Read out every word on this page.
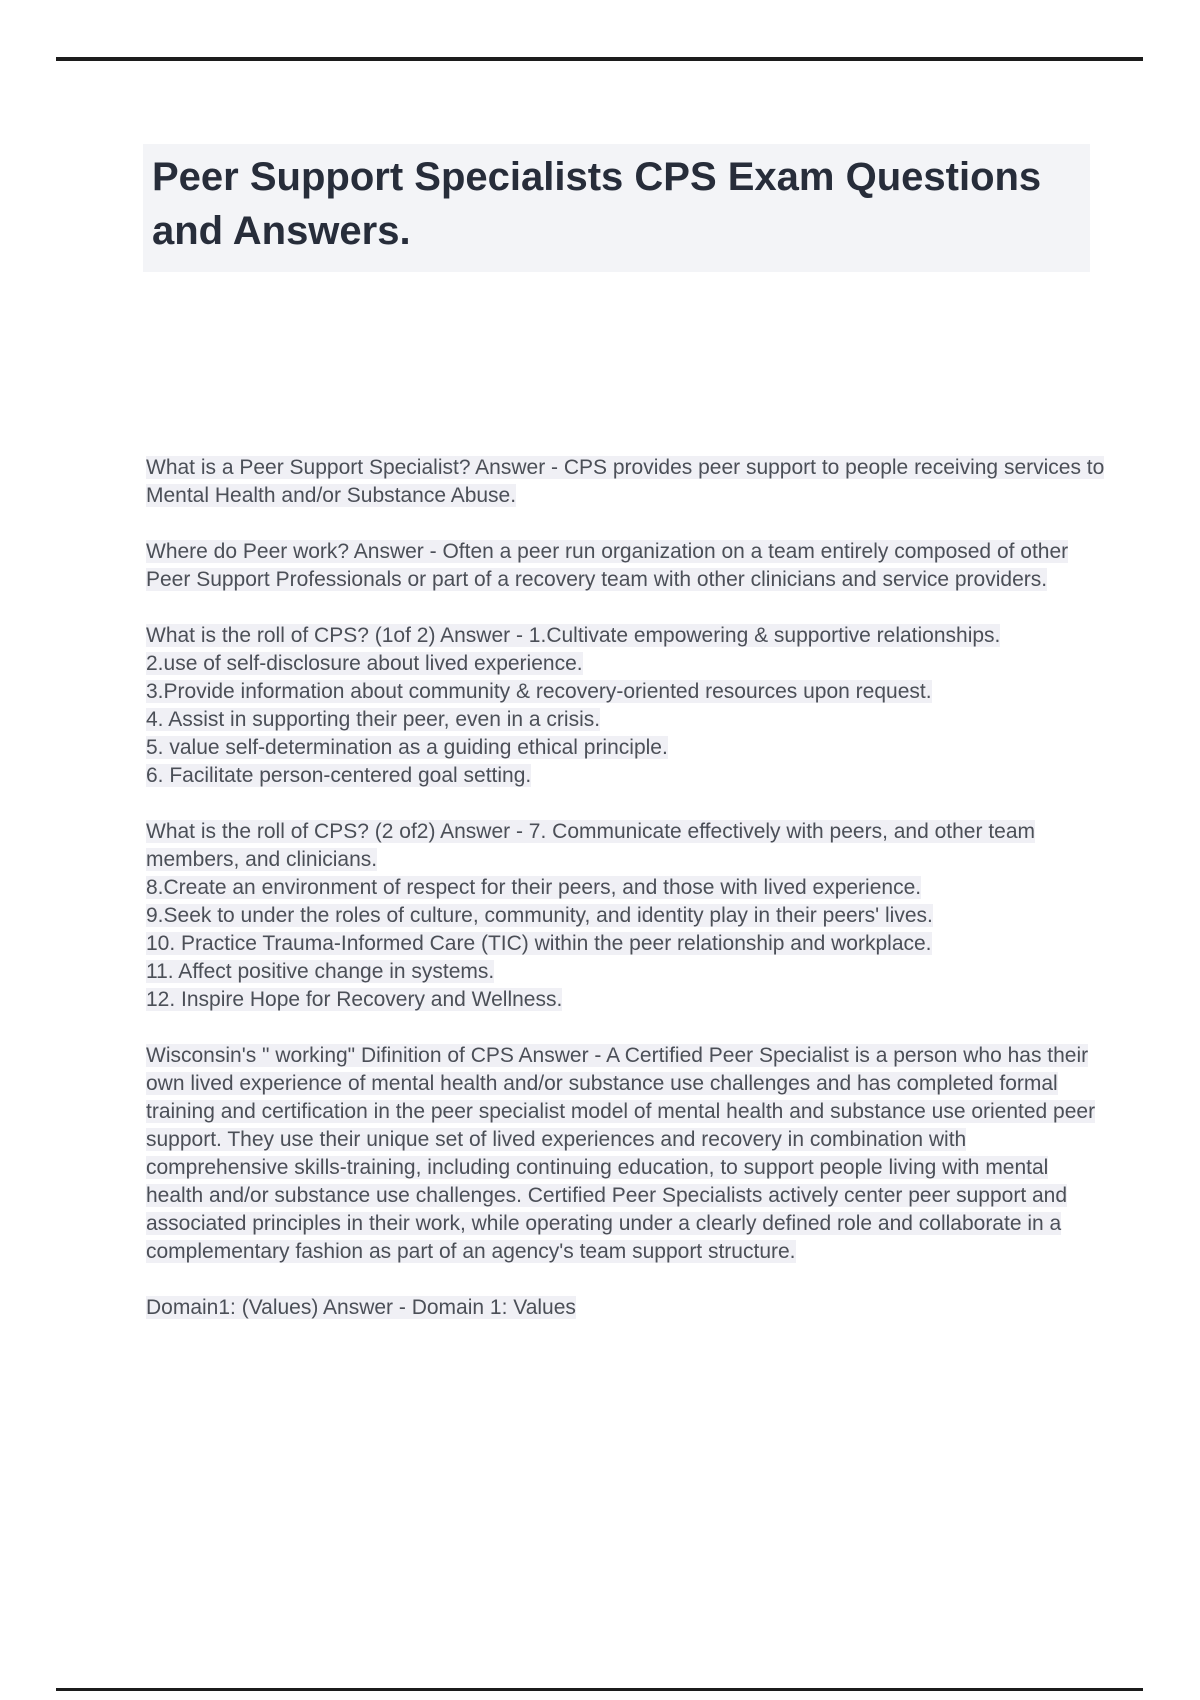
Peer Support Specialists CPS Exam Questions and Answers.

What is a Peer Support Specialist? Answer - CPS provides peer support to people receiving services to Mental Health and/or Substance Abuse.

Where do Peer work? Answer - Often a peer run organization on a team entirely composed of other Peer Support Professionals or part of a recovery team with other clinicians and service providers.

What is the roll of CPS? (1of 2) Answer - 1.Cultivate empowering & supportive relationships.
2.use of self-disclosure about lived experience.
3.Provide information about community & recovery-oriented resources upon request.
4. Assist in supporting their peer, even in a crisis.
5. value self-determination as a guiding ethical principle.
6. Facilitate person-centered goal setting.

What is the roll of CPS? (2 of2) Answer - 7. Communicate effectively with peers, and other team members, and clinicians.
8.Create an environment of respect for their peers, and those with lived experience.
9.Seek to under the roles of culture, community, and identity play in their peers' lives.
10. Practice Trauma-Informed Care (TIC) within the peer relationship and workplace.
11. Affect positive change in systems.
12. Inspire Hope for Recovery and Wellness.

Wisconsin's " working" Difinition of CPS Answer - A Certified Peer Specialist is a person who has their own lived experience of mental health and/or substance use challenges and has completed formal training and certification in the peer specialist model of mental health and substance use oriented peer support. They use their unique set of lived experiences and recovery in combination with comprehensive skills-training, including continuing education, to support people living with mental health and/or substance use challenges. Certified Peer Specialists actively center peer support and associated principles in their work, while operating under a clearly defined role and collaborate in a complementary fashion as part of an agency's team support structure.

Domain1: (Values) Answer - Domain 1: Values
